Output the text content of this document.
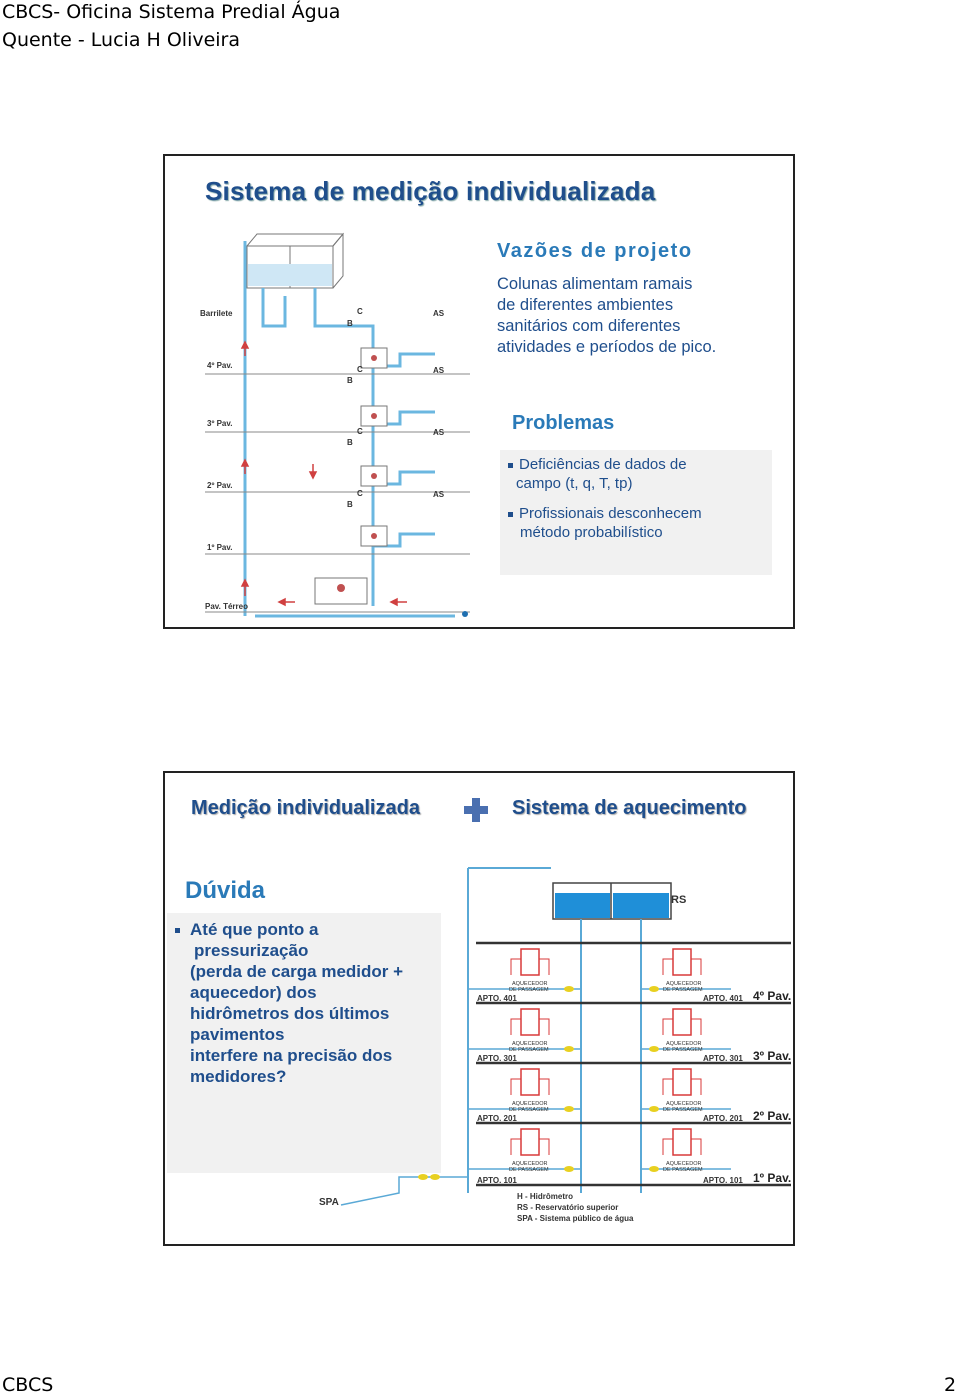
CBCS- Oficina Sistema Predial Água
Quente - Lucia H Oliveira
Sistema de medição individualizada
Barrilete
4º Pav.
3º Pav.
2º Pav.
1º Pav.
Pav. Térreo
C
B
AS
C
B
AS
C
B
AS
C
B
AS
Vazões de projeto
Colunas alimentam ramais
de diferentes ambientes
sanitários com diferentes
atividades e períodos de pico.
Problemas
Deficiências de dados de
campo (t, q, T, tp)
Profissionais desconhecem
método probabilístico
Medição individualizada	Sistema de aquecimento
Dúvida
Até que ponto a
pressurização
(perda de carga medidor +
aquecedor) dos
hidrômetros dos últimos
pavimentos
interfere na precisão dos
medidores?
RS
AQUECEDOR
DE PASSAGEM
AQUECEDOR
DE PASSAGEM
AQUECEDOR
DE PASSAGEM
AQUECEDOR
DE PASSAGEM
AQUECEDOR
DE PASSAGEM
AQUECEDOR
DE PASSAGEM
AQUECEDOR
DE PASSAGEM
AQUECEDOR
DE PASSAGEM
APTO. 401	APTO. 401
APTO. 301	APTO. 301
APTO. 201	APTO. 201
APTO. 101	APTO. 101
4º Pav.
3º Pav.
2º Pav.
1º Pav.
SPA
H - Hidrômetro
RS - Reservatório superior
SPA - Sistema público de água
CBCS	2
